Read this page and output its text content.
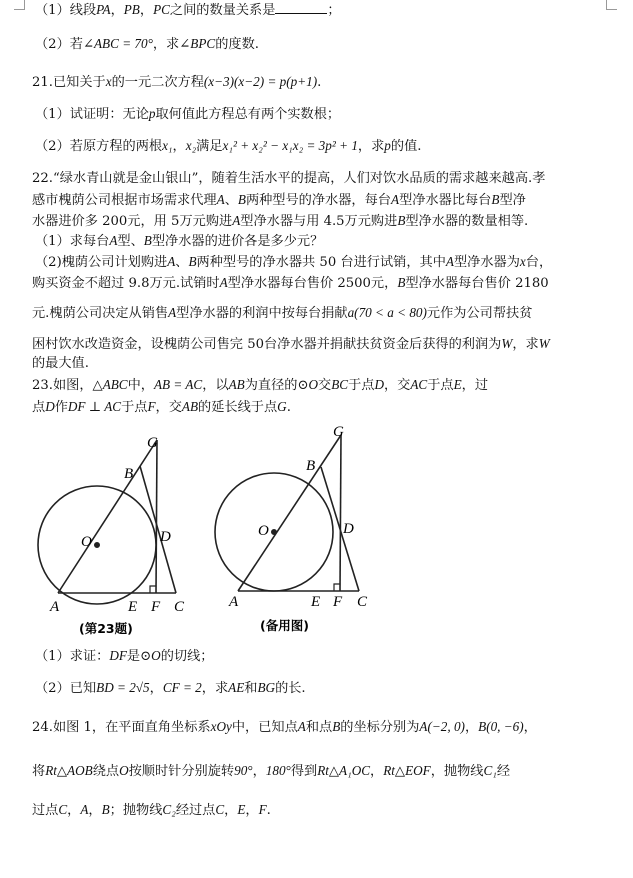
（1）线段PA，PB，PC之间的数量关系是	；
（2）若∠ABC = 70°，求∠BPC的度数.
21.已知关于x的一元二次方程(x−3)(x−2) = p(p+1).
（1）试证明：无论p取何值此方程总有两个实数根；
（2）若原方程的两根x₁，x₂满足x₁² + x₂² − x₁x₂ = 3p² + 1，求p的值.
22.“绿水青山就是金山银山”，随着生活水平的提高，人们对饮水品质的需求越来越高.孝
感市槐荫公司根据市场需求代理A、B两种型号的净水器，每台A型净水器比每台B型净
水器进价多 200元，用 5万元购进A型净水器与用 4.5万元购进B型净水器的数量相等.
（1）求每台A型、B型净水器的进价各是多少元？
（2)槐荫公司计划购进A、B两种型号的净水器共 50 台进行试销，其中A型净水器为x台，
购买资金不超过 9.8万元.试销时A型净水器每台售价 2500元，B型净水器每台售价 2180
元.槐荫公司决定从销售A型净水器的利润中按每台捐献a(70 < a < 80)元作为公司帮扶贫
困村饮水改造资金，设槐荫公司售完 50台净水器并捐献扶贫资金后获得的利润为W，求W
的最大值.
23.如图，△ABC中，AB = AC，以AB为直径的⊙O交BC于点D，交AC于点E，过
点D作DF ⊥ AC于点F，交AB的延长线于点G.
G
B
O	D
A	E F C
(第23题)
G
B
O	D
A	E F C
(备用图)
（1）求证：DF是⊙O的切线；
（2）已知BD = 2√5，CF = 2，求AE和BG的长.
24.如图 1，在平面直角坐标系xOy中，已知点A和点B的坐标分别为A(−2, 0)，B(0, −6)，
将Rt△AOB绕点O按顺时针分别旋转90°，180°得到Rt△A₁OC，Rt△EOF，抛物线C₁经
过点C，A，B；抛物线C₂经过点C，E，F.
